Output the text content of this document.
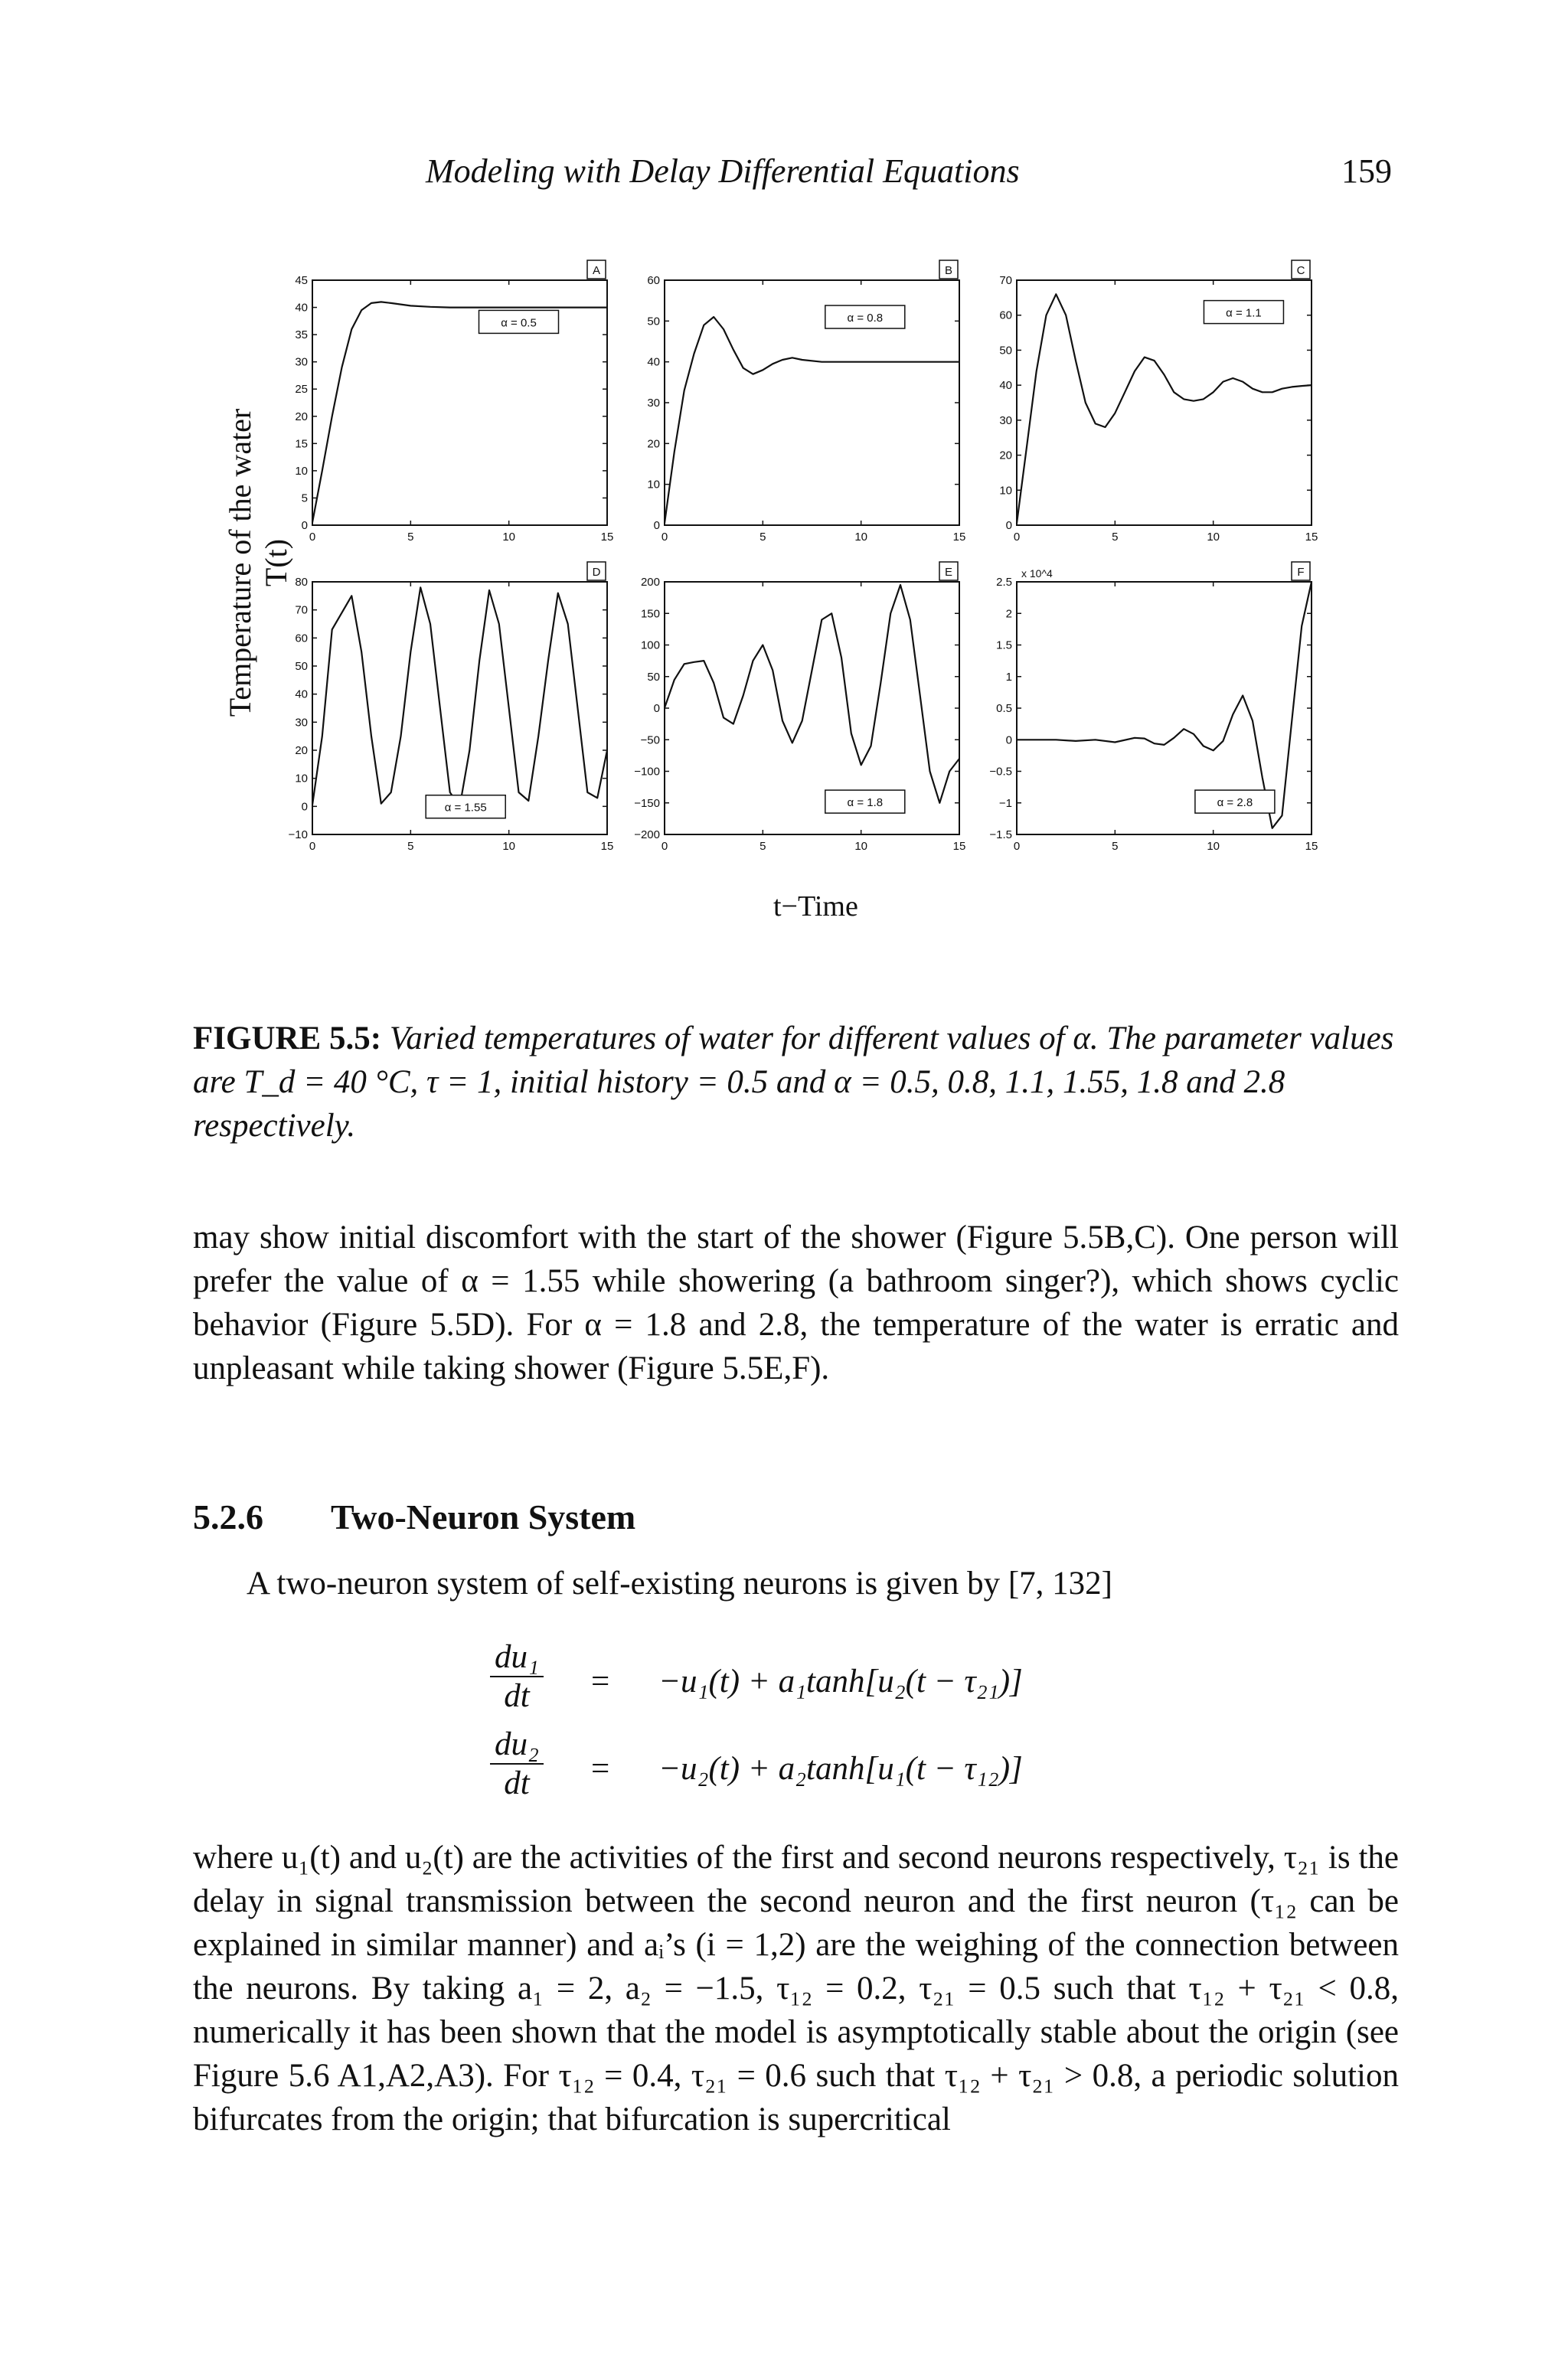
Modeling with Delay Differential Equations	159
Temperature of the water T(t)
0
5
10
15
20
25
30
35
40
45
0	5	10	15
A
α = 0.5
0
10
20
30
40
50
60
0	5	10	15
B
α = 0.8
0
10
20
30
40
50
60
70
0	5	10	15
C
α = 1.1
−10
0
10
20
30
40
50
60
70
80
0	5	10	15
D
α = 1.55
−200
−150
−100
−50
0
50
100
150
200
0	5	10	15
E
α = 1.8
−1.5
−1
−0.5
0
0.5
1
1.5
2
2.5
0	5	10	15
F
α = 2.8
x 10^4
t−Time
FIGURE 5.5: Varied temperatures of water for different values of α. The parameter values are T_d = 40 °C, τ = 1, initial history = 0.5 and α = 0.5, 0.8, 1.1, 1.55, 1.8 and 2.8 respectively.
may show initial discomfort with the start of the shower (Figure 5.5B,C). One person will prefer the value of α = 1.55 while showering (a bathroom singer?), which shows cyclic behavior (Figure 5.5D). For α = 1.8 and 2.8, the temperature of the water is erratic and unpleasant while taking shower (Figure 5.5E,F).
5.2.6 Two-Neuron System
A two-neuron system of self-existing neurons is given by [7, 132]
$\frac{\text{du₁}}{dt} = -u_1(t) + a_1\tanh[u_2(t - \tau_{21})]$
$\frac{\text{du₂}}{dt} = -u_2(t) + a_2\tanh[u_1(t - \tau_{12})]$
where u₁(t) and u₂(t) are the activities of the first and second neurons respectively, τ₂₁ is the delay in signal transmission between the second neuron and the first neuron (τ₁₂ can be explained in similar manner) and aᵢ’s (i = 1,2) are the weighing of the connection between the neurons. By taking a₁ = 2, a₂ = −1.5, τ₁₂ = 0.2, τ₂₁ = 0.5 such that τ₁₂ + τ₂₁ < 0.8, numerically it has been shown that the model is asymptotically stable about the origin (see Figure 5.6 A1,A2,A3). For τ₁₂ = 0.4, τ₂₁ = 0.6 such that τ₁₂ + τ₂₁ > 0.8, a periodic solution bifurcates from the origin; that bifurcation is supercritical
